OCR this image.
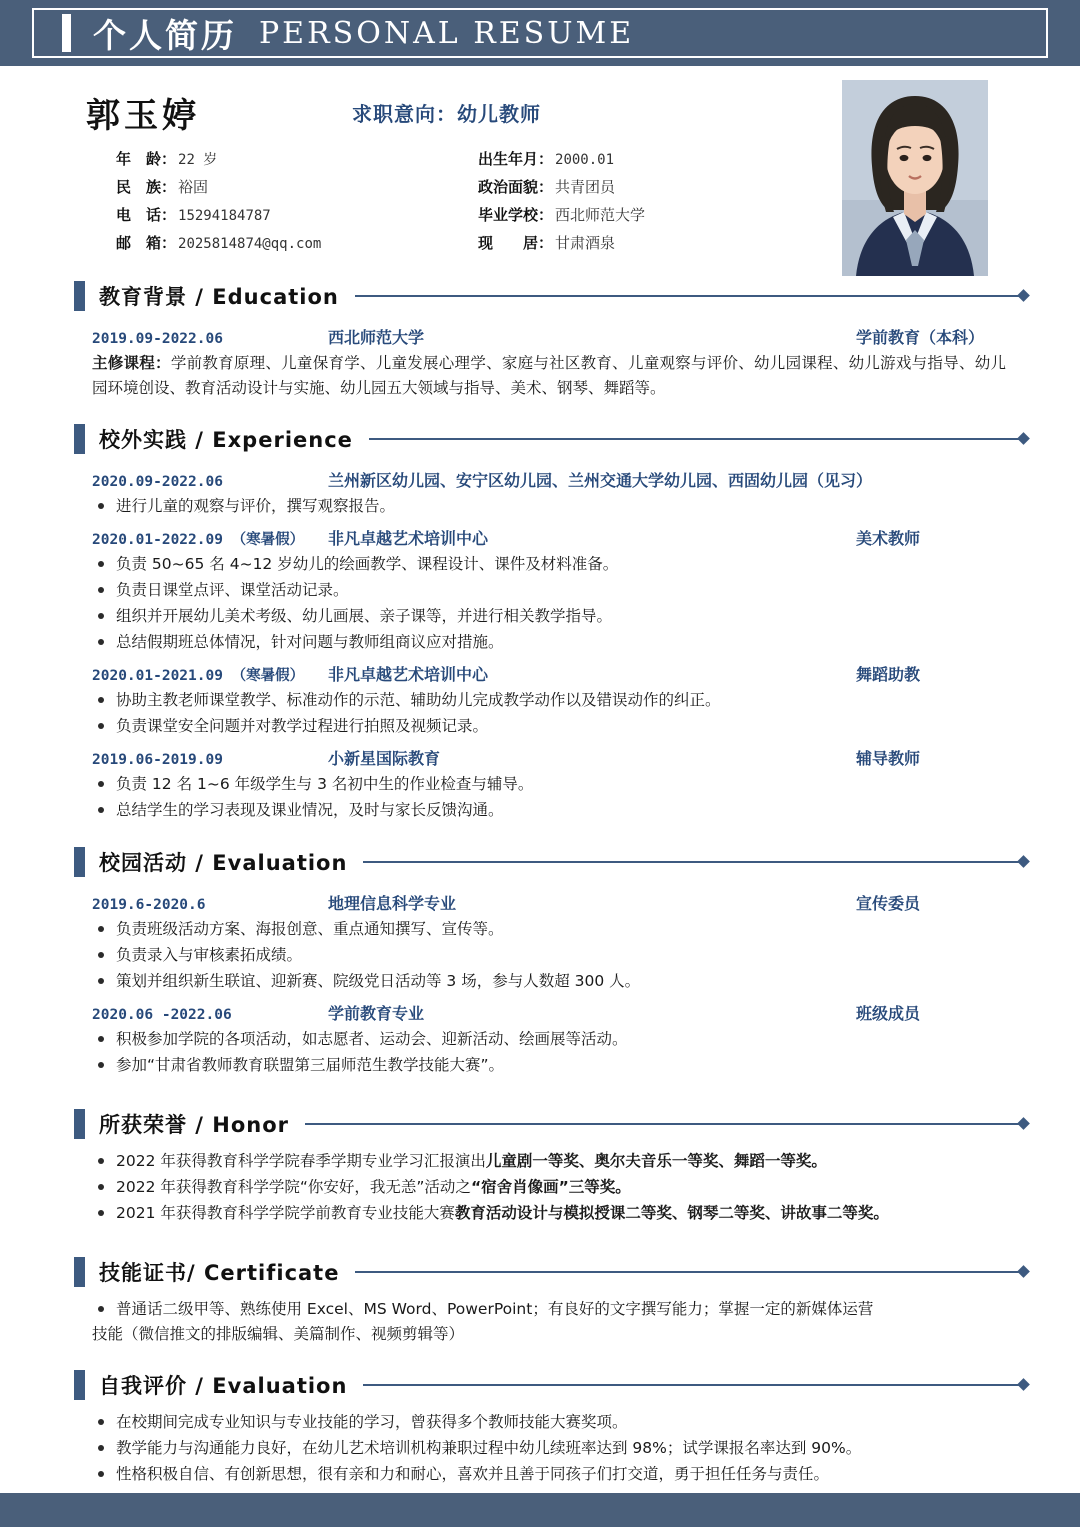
个人简历 PERSONAL RESUME
郭玉婷	求职意向：幼儿教师
年　龄： 22 岁
民　族： 裕固
电　话： 15294184787
邮　箱： 2025814874@qq.com
出生年月： 2000.01
政治面貌： 共青团员
毕业学校： 西北师范大学
现　　居： 甘肃酒泉
教育背景 / Education
2019.09-2022.06	西北师范大学	学前教育（本科）
主修课程：学前教育原理、儿童保育学、儿童发展心理学、家庭与社区教育、儿童观察与评价、幼儿园课程、幼儿游戏与指导、幼儿园环境创设、教育活动设计与实施、幼儿园五大领域与指导、美术、钢琴、舞蹈等。
校外实践 / Experience
2020.09-2022.06	兰州新区幼儿园、安宁区幼儿园、兰州交通大学幼儿园、西固幼儿园（见习）
进行儿童的观察与评价，撰写观察报告。
2020.01-2022.09 （寒暑假）	非凡卓越艺术培训中心	美术教师
负责 50~65 名 4~12 岁幼儿的绘画教学、课程设计、课件及材料准备。
负责日课堂点评、课堂活动记录。
组织并开展幼儿美术考级、幼儿画展、亲子课等，并进行相关教学指导。
总结假期班总体情况，针对问题与教师组商议应对措施。
2020.01-2021.09 （寒暑假）	非凡卓越艺术培训中心	舞蹈助教
协助主教老师课堂教学、标准动作的示范、辅助幼儿完成教学动作以及错误动作的纠正。
负责课堂安全问题并对教学过程进行拍照及视频记录。
2019.06-2019.09	小新星国际教育	辅导教师
负责 12 名 1~6 年级学生与 3 名初中生的作业检查与辅导。
总结学生的学习表现及课业情况，及时与家长反馈沟通。
校园活动 / Evaluation
2019.6-2020.6	地理信息科学专业	宣传委员
负责班级活动方案、海报创意、重点通知撰写、宣传等。
负责录入与审核素拓成绩。
策划并组织新生联谊、迎新赛、院级党日活动等 3 场，参与人数超 300 人。
2020.06 -2022.06	学前教育专业	班级成员
积极参加学院的各项活动，如志愿者、运动会、迎新活动、绘画展等活动。
参加“甘肃省教师教育联盟第三届师范生教学技能大赛”。
所获荣誉 / Honor
2022 年获得教育科学学院春季学期专业学习汇报演出儿童剧一等奖、奥尔夫音乐一等奖、舞蹈一等奖。
2022 年获得教育科学学院“你安好，我无恙”活动之“宿舍肖像画”三等奖。
2021 年获得教育科学学院学前教育专业技能大赛教育活动设计与模拟授课二等奖、钢琴二等奖、讲故事二等奖。
技能证书/ Certificate
普通话二级甲等、熟练使用 Excel、MS Word、PowerPoint；有良好的文字撰写能力；掌握一定的新媒体运营
技能（微信推文的排版编辑、美篇制作、视频剪辑等）
自我评价 / Evaluation
在校期间完成专业知识与专业技能的学习，曾获得多个教师技能大赛奖项。
教学能力与沟通能力良好，在幼儿艺术培训机构兼职过程中幼儿续班率达到 98%；试学课报名率达到 90%。
性格积极自信、有创新思想，很有亲和力和耐心，喜欢并且善于同孩子们打交道，勇于担任任务与责任。
